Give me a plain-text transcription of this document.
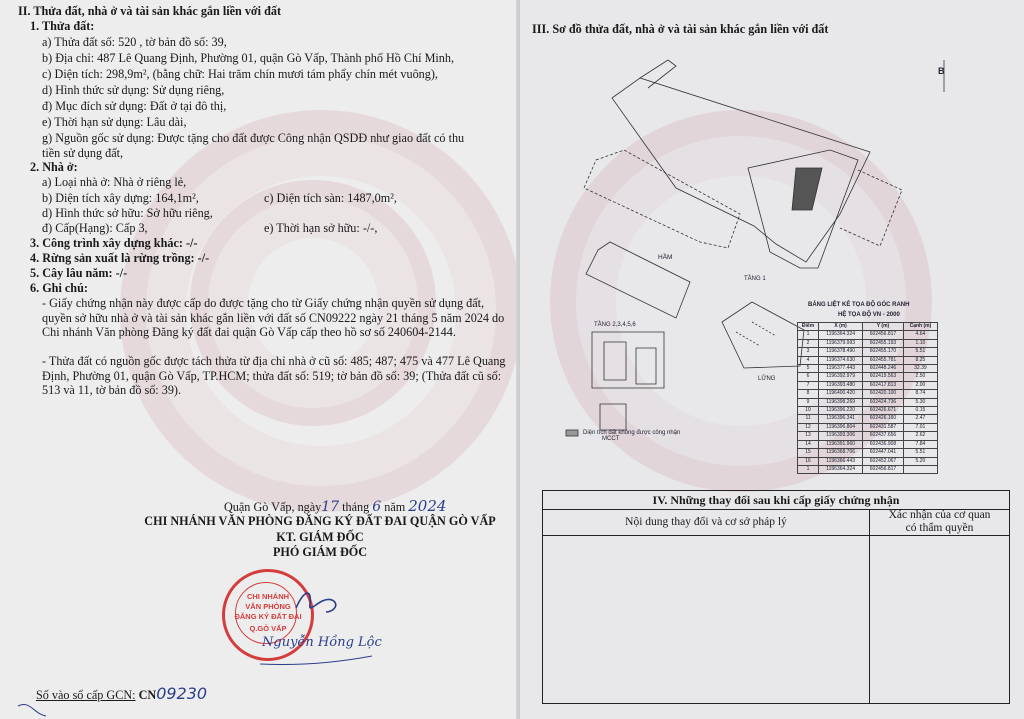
II. Thửa đất, nhà ở và tài sản khác gắn liền với đất
1. Thửa đất:
a) Thửa đất số: 520 , tờ bản đồ số: 39,
b) Địa chỉ: 487 Lê Quang Định, Phường 01, quận Gò Vấp, Thành phố Hồ Chí Minh,
c) Diện tích: 298,9m², (bằng chữ: Hai trăm chín mươi tám phẩy chín mét vuông),
d) Hình thức sử dụng: Sử dụng riêng,
đ) Mục đích sử dụng: Đất ở tại đô thị,
e) Thời hạn sử dụng: Lâu dài,
g) Nguồn gốc sử dụng: Được tặng cho đất được Công nhận QSDĐ như giao đất có thu
tiền sử dụng đất,
2. Nhà ở:
a) Loại nhà ở: Nhà ở riêng lẻ,
b) Diện tích xây dựng: 164,1m²,	c) Diện tích sàn: 1487,0m²,
d) Hình thức sở hữu: Sở hữu riêng,
đ) Cấp(Hạng): Cấp 3,	e) Thời hạn sở hữu: -/-,
3. Công trình xây dựng khác: -/-
4. Rừng sản xuất là rừng trồng: -/-
5. Cây lâu năm: -/-
6. Ghi chú:
- Giấy chứng nhận này được cấp do được tặng cho từ Giấy chứng nhận quyền sử dụng đất, quyền sở hữu nhà ở và tài sản khác gắn liền với đất số CN09222 ngày 21 tháng 5 năm 2024 do Chi nhánh Văn phòng Đăng ký đất đai quận Gò Vấp cấp theo hồ sơ số 240604-2144.
- Thửa đất có nguồn gốc được tách thửa từ địa chỉ nhà ở cũ số: 485; 487; 475 và 477 Lê Quang Định, Phường 01, quận Gò Vấp, TP.HCM; thửa đất số: 519; tờ bản đồ số: 39; (Thửa đất cũ số: 513 và 11, tờ bản đồ số: 39).
Quận Gò Vấp, ngày17 tháng 6 năm 2024
CHI NHÁNH VĂN PHÒNG ĐĂNG KÝ ĐẤT ĐAI QUẬN GÒ VẤP
KT. GIÁM ĐỐC
PHÓ GIÁM ĐỐC
CHI NHÁNH
VĂN PHÒNG
ĐĂNG KÝ ĐẤT ĐAI
Q.GÒ VẤP
Nguyễn Hồng Lộc
Số vào sổ cấp GCN: CN09230
III. Sơ đồ thửa đất, nhà ở và tài sản khác gắn liền với đất
B
HẦM
TẦNG 1
TẦNG 2,3,4,5,6
LỬNG
MCCT
Diện tích đất không được công nhận
BẢNG LIỆT KÊ TỌA ĐỘ GÓC RANH
HỆ TỌA ĐỘ VN - 2000
Điểm	X (m)	Y (m)	Cạnh (m)
1	1196364.324	602456.817	4.64
2	1196379.993	602455.193	1.10
3	1196378.490	602455.170	5.51
4	1196374.630	602455.781	8.25
5	1196377.443	602448.246	32.39
6	1196392.979	602419.563	2.50
7	1196393.480	602417.813	2.00
8	1196400.420	602420.100	8.74
9	1196398.269	602424.736	5.30
10	1196396.220	602426.671	0.15
11	1196396.341	602426.160	2.47
12	1196396.804	602431.587	7.01
13	1196393.306	602437.656	2.62
14	1196391.960	602436.908	7.84
15	1196368.706	602447.041	5.51
16	1196366.443	602452.067	5.20
1	1196364.324	602456.817	
IV. Những thay đổi sau khi cấp giấy chứng nhận
Nội dung thay đổi và cơ sở pháp lý
Xác nhận của cơ quan
có thẩm quyền
